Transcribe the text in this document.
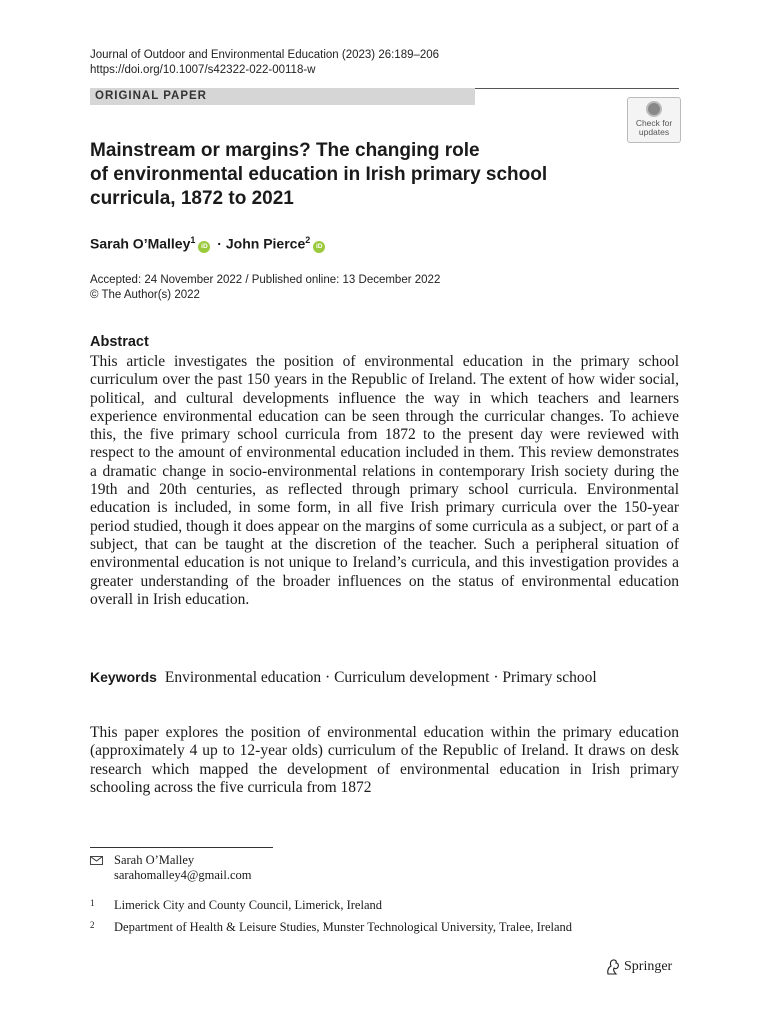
Journal of Outdoor and Environmental Education (2023) 26:189–206
https://doi.org/10.1007/s42322-022-00118-w
ORIGINAL PAPER
Check for
updates
Mainstream or margins? The changing role
of environmental education in Irish primary school
curricula, 1872 to 2021
Sarah O’Malley$^1$iD · John Pierce$^2$iD
Accepted: 24 November 2022 / Published online: 13 December 2022
© The Author(s) 2022
Abstract
This article investigates the position of environmental education in the primary school curriculum over the past 150 years in the Republic of Ireland. The extent of how wider social, political, and cultural developments influence the way in which teachers and learners experience environmental education can be seen through the curricular changes. To achieve this, the five primary school curricula from 1872 to the present day were reviewed with respect to the amount of environmental education included in them. This review demonstrates a dramatic change in socio-environmental relations in contemporary Irish society during the 19th and 20th centuries, as reflected through primary school curricula. Environmental education is included, in some form, in all five Irish primary curricula over the 150-year period studied, though it does appear on the margins of some curricula as a subject, or part of a subject, that can be taught at the discretion of the teacher. Such a peripheral situation of environmental education is not unique to Ireland’s curricula, and this investigation provides a greater understanding of the broader influences on the status of environmental education overall in Irish education.
Keywords Environmental education · Curriculum development · Primary school
This paper explores the position of environmental education within the primary education (approximately 4 up to 12-year olds) curriculum of the Republic of Ireland. It draws on desk research which mapped the development of environmental education in Irish primary schooling across the five curricula from 1872
Sarah O’Malley
sarahomalley4@gmail.com
1 Limerick City and County Council, Limerick, Ireland
2 Department of Health & Leisure Studies, Munster Technological University, Tralee, Ireland
Springer
